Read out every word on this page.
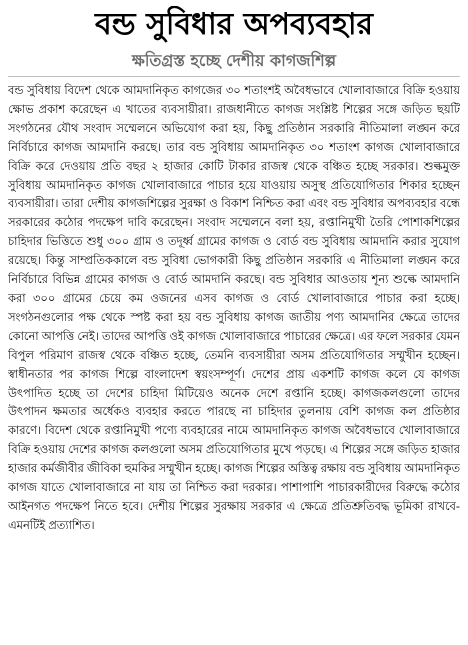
বন্ড সুবিধার অপব্যবহার
ক্ষতিগ্রস্ত হচ্ছে দেশীয় কাগজশিল্প

বন্ড সুবিধায় বিদেশ থেকে আমদানিকৃত কাগজের ৩০ শতাংশই অবৈধভাবে খোলাবাজারে বিক্রি হওয়ায় ক্ষোভ প্রকাশ করেছেন এ খাতের ব্যবসায়ীরা। রাজধানীতে কাগজ সংশ্লিষ্ট শিল্পের সঙ্গে জড়িত ছয়টি সংগঠনের যৌথ সংবাদ সম্মেলনে অভিযোগ করা হয়, কিছু প্রতিষ্ঠান সরকারি নীতিমালা লঙ্ঘন করে নির্বিচারে কাগজ আমদানি করছে। তার বন্ড সুবিধায় আমদানিকৃত ৩০ শতাংশ কাগজ খোলাবাজারে বিক্রি করে দেওয়ায় প্রতি বছর ২ হাজার কোটি টাকার রাজস্ব থেকে বঞ্চিত হচ্ছে সরকার। শুল্কমুক্ত সুবিধায় আমদানিকৃত কাগজ খোলাবাজারে পাচার হয়ে যাওয়ায় অসুস্থ প্রতিযোগিতার শিকার হচ্ছেন ব্যবসায়ীরা। তারা দেশীয় কাগজশিল্পের সুরক্ষা ও বিকাশ নিশ্চিত করা এবং বন্ড সুবিধার অপব্যবহার বন্ধে সরকারের কঠোর পদক্ষেপ দাবি করেছেন। সংবাদ সম্মেলনে বলা হয়, রপ্তানিমুখী তৈরি পোশাকশিল্পের চাহিদার ভিত্তিতে শুধু ৩০০ গ্রাম ও তদূর্ধ্ব গ্রামের কাগজ ও বোর্ড বন্ড সুবিধায় আমদানি করার সুযোগ রয়েছে। কিন্তু সাম্প্রতিককালে বন্ড সুবিধা ভোগকারী কিছু প্রতিষ্ঠান সরকারি এ নীতিমালা লঙ্ঘন করে নির্বিচারে বিভিন্ন গ্রামের কাগজ ও বোর্ড আমদানি করছে। বন্ড সুবিধার আওতায় শূন্য শুল্কে আমদানি করা ৩০০ গ্রামের চেয়ে কম ওজনের এসব কাগজ ও বোর্ড খোলাবাজারে পাচার করা হচ্ছে। সংগঠনগুলোর পক্ষ থেকে স্পষ্ট করা হয় বন্ড সুবিধায় কাগজ জাতীয় পণ্য আমদানির ক্ষেত্রে তাদের কোনো আপত্তি নেই। তাদের আপত্তি ওই কাগজ খোলাবাজারে পাচারের ক্ষেত্রে। এর ফলে সরকার যেমন বিপুল পরিমাণ রাজস্ব থেকে বঞ্চিত হচ্ছে, তেমনি ব্যবসায়ীরা অসম প্রতিযোগিতার সম্মুখীন হচ্ছেন। স্বাধীনতার পর কাগজ শিল্পে বাংলাদেশ স্বয়ংসম্পূর্ণ। দেশের প্রায় একশটি কাগজ কলে যে কাগজ উৎপাদিত হচ্ছে তা দেশের চাহিদা মিটিয়েও অনেক দেশে রপ্তানি হচ্ছে। কাগজকলগুলো তাদের উৎপাদন ক্ষমতার অর্ধেকও ব্যবহার করতে পারছে না চাহিদার তুলনায় বেশি কাগজ কল প্রতিষ্ঠার কারণে। বিদেশ থেকে রপ্তানিমুখী পণ্যে ব্যবহারের নামে আমদানিকৃত কাগজ অবৈধভাবে খোলাবাজারে বিক্রি হওয়ায় দেশের কাগজ কলগুলো অসম প্রতিযোগিতার মুখে পড়ছে। এ শিল্পের সঙ্গে জড়িত হাজার হাজার কর্মজীবীর জীবিকা হুমকির সম্মুখীন হচ্ছে। কাগজ শিল্পের অস্তিত্ব রক্ষায় বন্ড সুবিধায় আমদানিকৃত কাগজ যাতে খোলাবাজারে না যায় তা নিশ্চিত করা দরকার। পাশাপাশি পাচারকারীদের বিরুদ্ধে কঠোর আইনগত পদক্ষেপ নিতে হবে। দেশীয় শিল্পের সুরক্ষায় সরকার এ ক্ষেত্রে প্রতিশ্রুতিবদ্ধ ভূমিকা রাখবে-এমনটিই প্রত্যাশিত।
